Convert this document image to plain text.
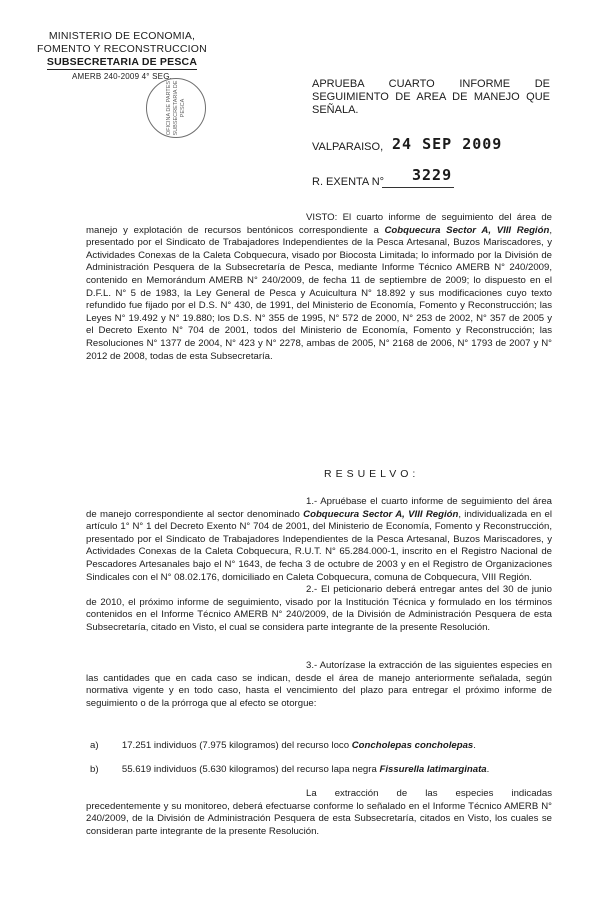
MINISTERIO DE ECONOMIA,
FOMENTO Y RECONSTRUCCION
SUBSECRETARIA DE PESCA
AMERB 240-2009 4° SEG.
OFICINA DE PARTES SUBSECRETARIA DE PESCA
APRUEBA CUARTO INFORME DE SEGUIMIENTO DE AREA DE MANEJO QUE SEÑALA.
VALPARAISO, 24 SEP 2009
R. EXENTA N° 3229

VISTO: El cuarto informe de seguimiento del área de manejo y explotación de recursos bentónicos correspondiente a Cobquecura Sector A, VIII Región, presentado por el Sindicato de Trabajadores Independientes de la Pesca Artesanal, Buzos Mariscadores, y Actividades Conexas de la Caleta Cobquecura, visado por Biocosta Limitada; lo informado por la División de Administración Pesquera de la Subsecretaría de Pesca, mediante Informe Técnico AMERB N° 240/2009, contenido en Memorándum AMERB N° 240/2009, de fecha 11 de septiembre de 2009; lo dispuesto en el D.F.L. N° 5 de 1983, la Ley General de Pesca y Acuicultura N° 18.892 y sus modificaciones cuyo texto refundido fue fijado por el D.S. N° 430, de 1991, del Ministerio de Economía, Fomento y Reconstrucción; las Leyes N° 19.492 y N° 19.880; los D.S. N° 355 de 1995, N° 572 de 2000, N° 253 de 2002, N° 357 de 2005 y el Decreto Exento N° 704 de 2001, todos del Ministerio de Economía, Fomento y Reconstrucción; las Resoluciones N° 1377 de 2004, N° 423 y N° 2278, ambas de 2005, N° 2168 de 2006, N° 1793 de 2007 y N° 2012 de 2008, todas de esta Subsecretaría.

RESUELVO:

1.- Apruébase el cuarto informe de seguimiento del área de manejo correspondiente al sector denominado Cobquecura Sector A, VIII Región, individualizada en el artículo 1° N° 1 del Decreto Exento N° 704 de 2001, del Ministerio de Economía, Fomento y Reconstrucción, presentado por el Sindicato de Trabajadores Independientes de la Pesca Artesanal, Buzos Mariscadores, y Actividades Conexas de la Caleta Cobquecura, R.U.T. N° 65.284.000-1, inscrito en el Registro Nacional de Pescadores Artesanales bajo el N° 1643, de fecha 3 de octubre de 2003 y en el Registro de Organizaciones Sindicales con el N° 08.02.176, domiciliado en Caleta Cobquecura, comuna de Cobquecura, VIII Región.

2.- El peticionario deberá entregar antes del 30 de junio de 2010, el próximo informe de seguimiento, visado por la Institución Técnica y formulado en los términos contenidos en el Informe Técnico AMERB N° 240/2009, de la División de Administración Pesquera de esta Subsecretaría, citado en Visto, el cual se considera parte integrante de la presente Resolución.

3.- Autorízase la extracción de las siguientes especies en las cantidades que en cada caso se indican, desde el área de manejo anteriormente señalada, según normativa vigente y en todo caso, hasta el vencimiento del plazo para entregar el próximo informe de seguimiento o de la prórroga que al efecto se otorgue:

a) 17.251 individuos (7.975 kilogramos) del recurso loco Concholepas concholepas.
b) 55.619 individuos (5.630 kilogramos) del recurso lapa negra Fissurella latimarginata.

La extracción de las especies indicadas precedentemente y su monitoreo, deberá efectuarse conforme lo señalado en el Informe Técnico AMERB N° 240/2009, de la División de Administración Pesquera de esta Subsecretaría, citados en Visto, los cuales se consideran parte integrante de la presente Resolución.
